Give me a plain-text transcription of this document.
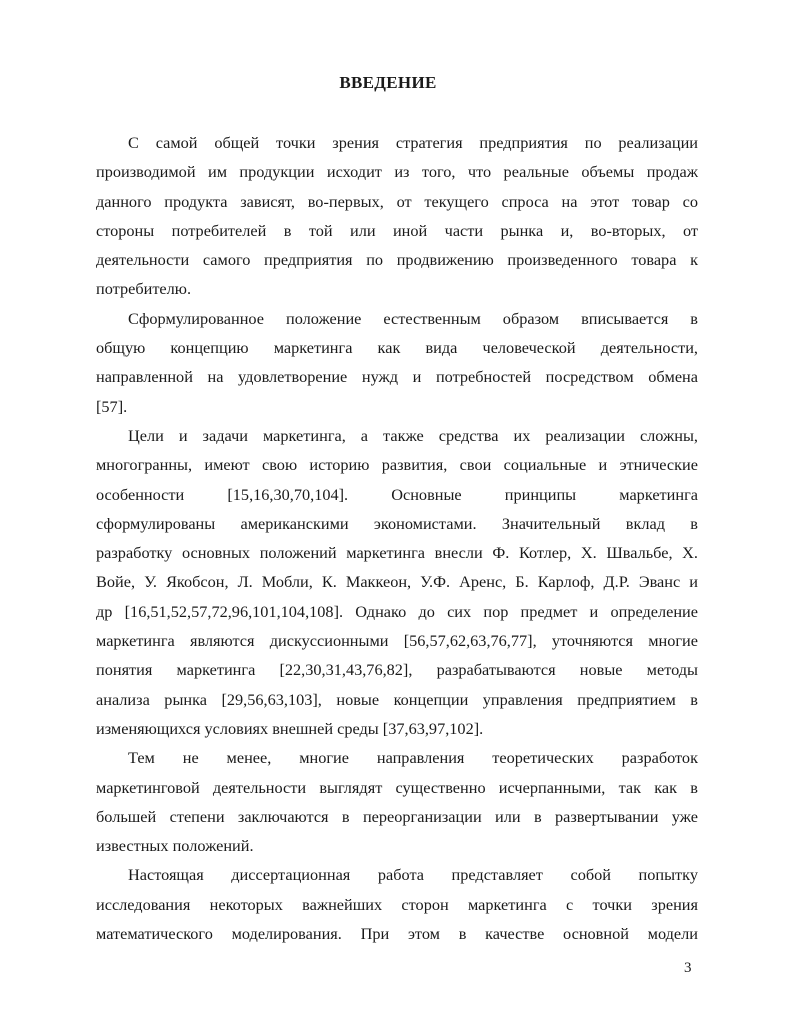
ВВЕДЕНИЕ
С самой общей точки зрения стратегия предприятия по реализации
производимой им продукции исходит из того, что реальные объемы продаж
данного продукта зависят, во-первых, от текущего спроса на этот товар со
стороны потребителей в той или иной части рынка и, во-вторых, от
деятельности самого предприятия по продвижению произведенного товара к
потребителю.
Сформулированное положение естественным образом вписывается в
общую концепцию маркетинга как вида человеческой деятельности,
направленной на удовлетворение нужд и потребностей посредством обмена
[57].
Цели и задачи маркетинга, а также средства их реализации сложны,
многогранны, имеют свою историю развития, свои социальные и этнические
особенности [15,16,30,70,104]. Основные принципы маркетинга
сформулированы американскими экономистами. Значительный вклад в
разработку основных положений маркетинга внесли Ф. Котлер, Х. Швальбе, Х.
Войе, У. Якобсон, Л. Мобли, К. Маккеон, У.Ф. Аренс, Б. Карлоф, Д.Р. Эванс и
др [16,51,52,57,72,96,101,104,108]. Однако до сих пор предмет и определение
маркетинга являются дискуссионными [56,57,62,63,76,77], уточняются многие
понятия маркетинга [22,30,31,43,76,82], разрабатываются новые методы
анализа рынка [29,56,63,103], новые концепции управления предприятием в
изменяющихся условиях внешней среды [37,63,97,102].
Тем не менее, многие направления теоретических разработок
маркетинговой деятельности выглядят существенно исчерпанными, так как в
большей степени заключаются в переорганизации или в развертывании уже
известных положений.
Настоящая диссертационная работа представляет собой попытку
исследования некоторых важнейших сторон маркетинга с точки зрения
математического моделирования. При этом в качестве основной модели
3
